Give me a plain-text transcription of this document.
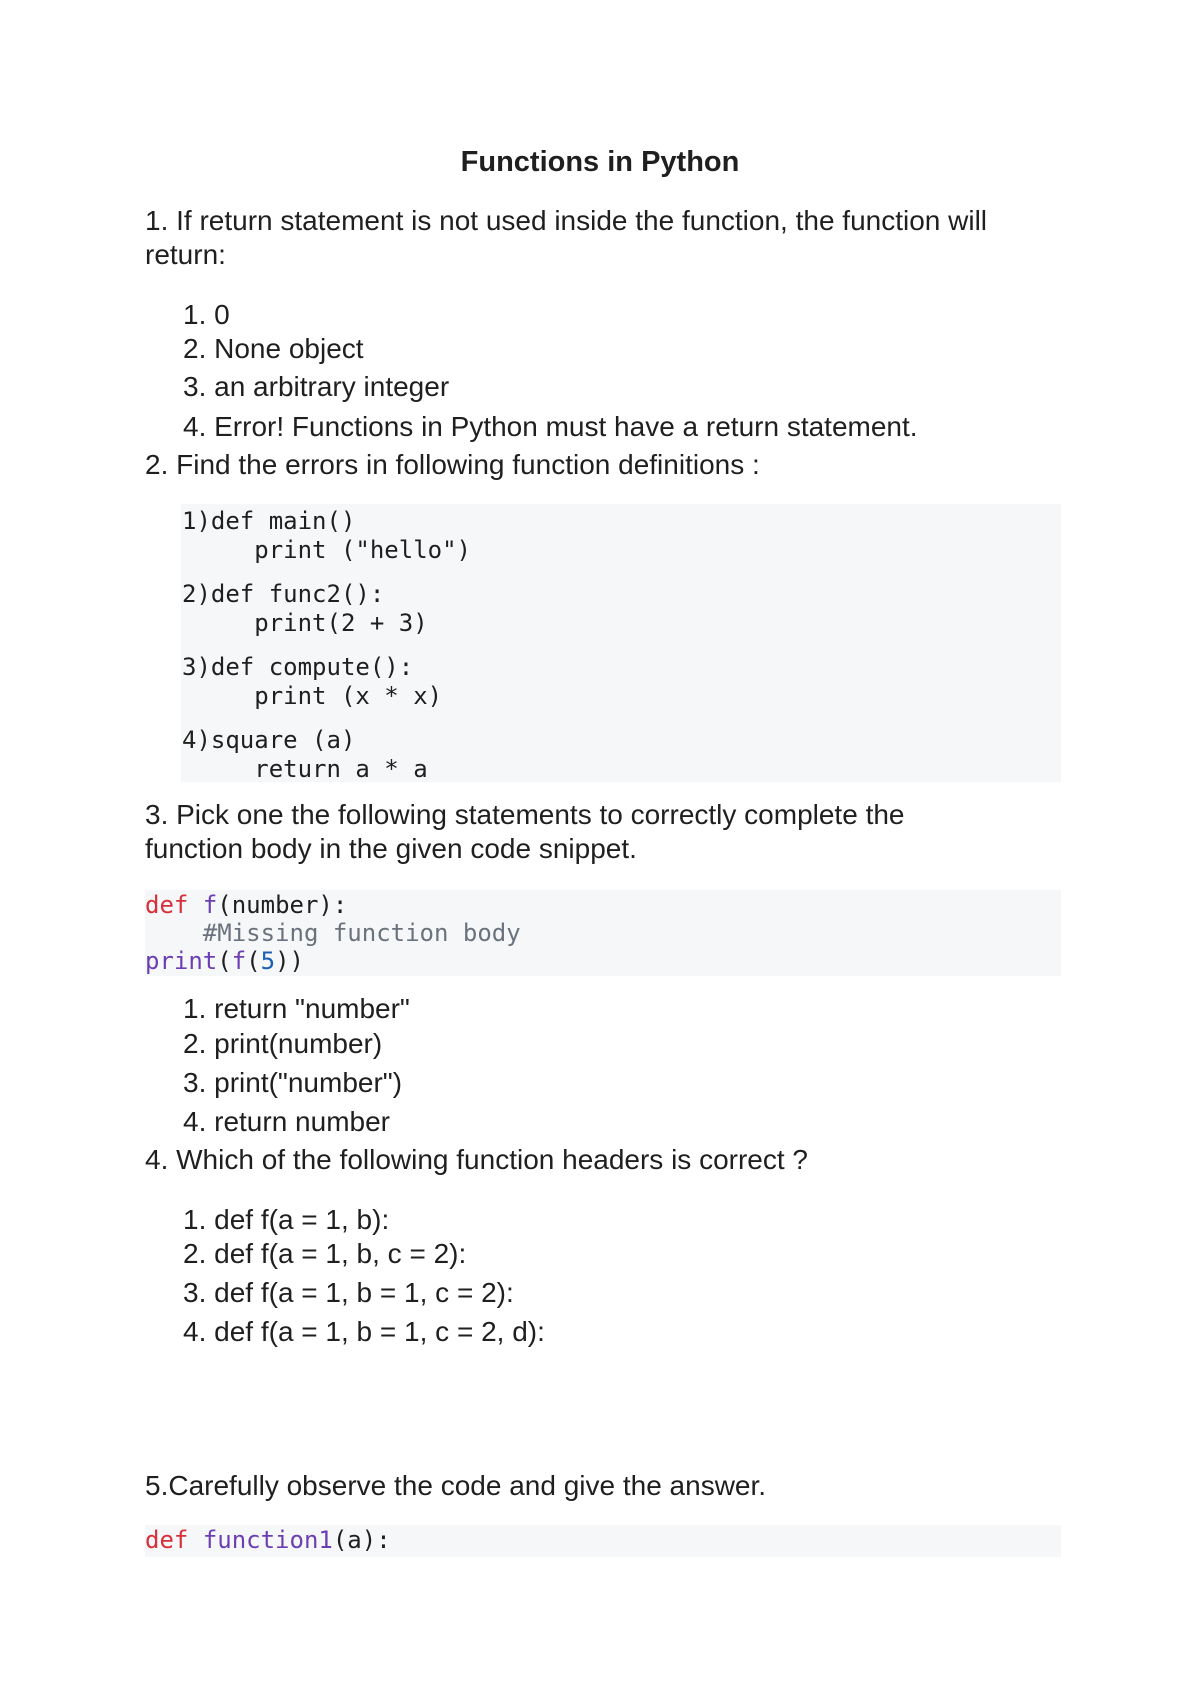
Functions in Python
1. If return statement is not used inside the function, the function will return:
1. 0
2. None object
3. an arbitrary integer
4. Error! Functions in Python must have a return statement.
2. Find the errors in following function definitions :
1)def main()
print ("hello")
2)def func2():
print(2 + 3)
3)def compute():
print (x * x)
4)square (a)
return a * a
3. Pick one the following statements to correctly complete the function body in the given code snippet.
def f(number):
#Missing function body
print(f(5))
1. return "number"
2. print(number)
3. print("number")
4. return number
4. Which of the following function headers is correct ?
1. def f(a = 1, b):
2. def f(a = 1, b, c = 2):
3. def f(a = 1, b = 1, c = 2):
4. def f(a = 1, b = 1, c = 2, d):
5.Carefully observe the code and give the answer.
def function1(a):
